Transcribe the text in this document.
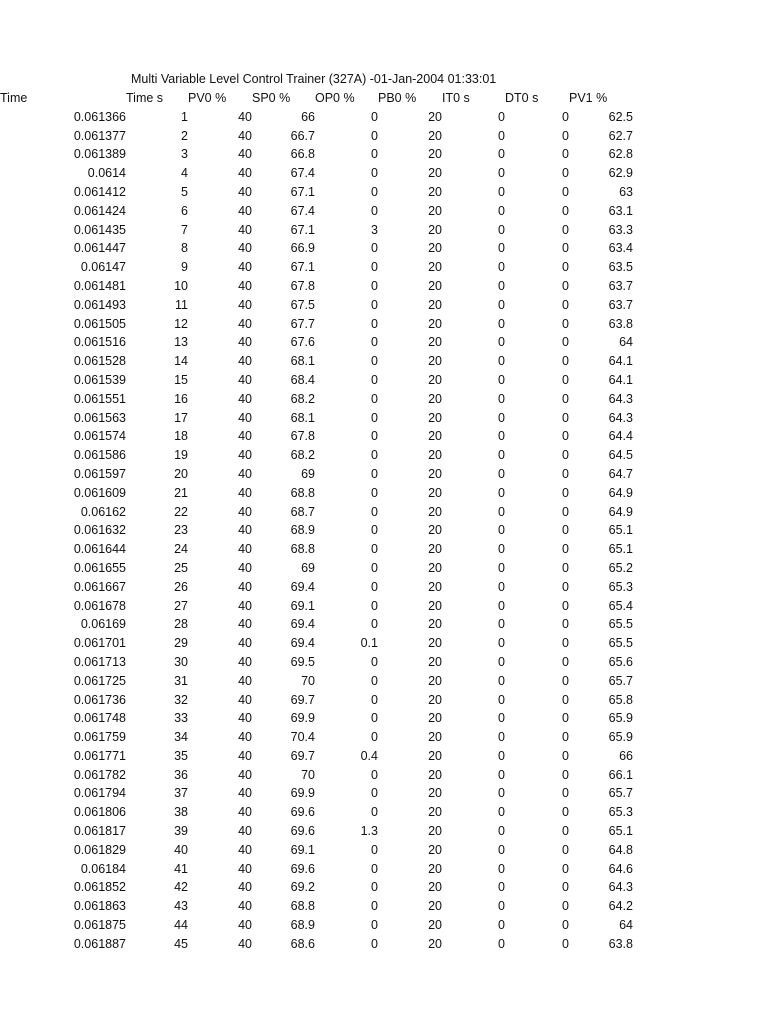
Multi Variable Level Control Trainer (327A) -01-Jan-2004 01:33:01
Time	Time s	PV0 %	SP0 %	OP0 %	PB0 %	IT0 s	DT0 s	PV1 %
0.061366	1	40	66	0	20	0	0	62.5
0.061377	2	40	66.7	0	20	0	0	62.7
0.061389	3	40	66.8	0	20	0	0	62.8
0.0614	4	40	67.4	0	20	0	0	62.9
0.061412	5	40	67.1	0	20	0	0	63
0.061424	6	40	67.4	0	20	0	0	63.1
0.061435	7	40	67.1	3	20	0	0	63.3
0.061447	8	40	66.9	0	20	0	0	63.4
0.06147	9	40	67.1	0	20	0	0	63.5
0.061481	10	40	67.8	0	20	0	0	63.7
0.061493	11	40	67.5	0	20	0	0	63.7
0.061505	12	40	67.7	0	20	0	0	63.8
0.061516	13	40	67.6	0	20	0	0	64
0.061528	14	40	68.1	0	20	0	0	64.1
0.061539	15	40	68.4	0	20	0	0	64.1
0.061551	16	40	68.2	0	20	0	0	64.3
0.061563	17	40	68.1	0	20	0	0	64.3
0.061574	18	40	67.8	0	20	0	0	64.4
0.061586	19	40	68.2	0	20	0	0	64.5
0.061597	20	40	69	0	20	0	0	64.7
0.061609	21	40	68.8	0	20	0	0	64.9
0.06162	22	40	68.7	0	20	0	0	64.9
0.061632	23	40	68.9	0	20	0	0	65.1
0.061644	24	40	68.8	0	20	0	0	65.1
0.061655	25	40	69	0	20	0	0	65.2
0.061667	26	40	69.4	0	20	0	0	65.3
0.061678	27	40	69.1	0	20	0	0	65.4
0.06169	28	40	69.4	0	20	0	0	65.5
0.061701	29	40	69.4	0.1	20	0	0	65.5
0.061713	30	40	69.5	0	20	0	0	65.6
0.061725	31	40	70	0	20	0	0	65.7
0.061736	32	40	69.7	0	20	0	0	65.8
0.061748	33	40	69.9	0	20	0	0	65.9
0.061759	34	40	70.4	0	20	0	0	65.9
0.061771	35	40	69.7	0.4	20	0	0	66
0.061782	36	40	70	0	20	0	0	66.1
0.061794	37	40	69.9	0	20	0	0	65.7
0.061806	38	40	69.6	0	20	0	0	65.3
0.061817	39	40	69.6	1.3	20	0	0	65.1
0.061829	40	40	69.1	0	20	0	0	64.8
0.06184	41	40	69.6	0	20	0	0	64.6
0.061852	42	40	69.2	0	20	0	0	64.3
0.061863	43	40	68.8	0	20	0	0	64.2
0.061875	44	40	68.9	0	20	0	0	64
0.061887	45	40	68.6	0	20	0	0	63.8
